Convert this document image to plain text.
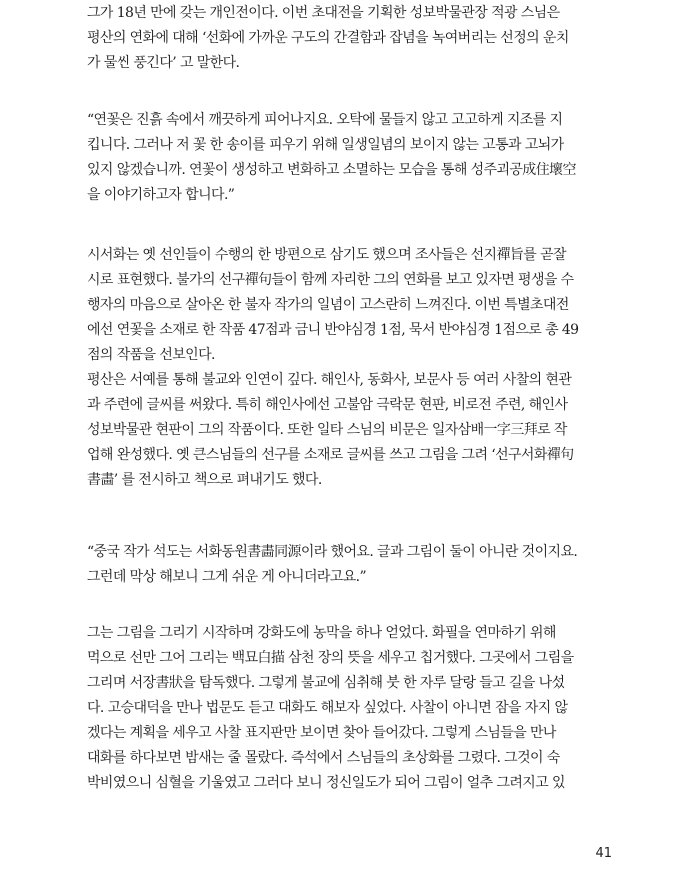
그가 18년 만에 갖는 개인전이다. 이번 초대전을 기획한 성보박물관장 적광 스님은
평산의 연화에 대해 ‘선화에 가까운 구도의 간결함과 잡념을 녹여버리는 선정의 운치
가 물씬 풍긴다’ 고 말한다.
“연꽃은 진흙 속에서 깨끗하게 피어나지요. 오탁에 물들지 않고 고고하게 지조를 지
킵니다. 그러나 저 꽃 한 송이를 피우기 위해 일생일념의 보이지 않는 고통과 고뇌가
있지 않겠습니까. 연꽃이 생성하고 변화하고 소멸하는 모습을 통해 성주괴공成住壞空
을 이야기하고자 합니다.”
시서화는 옛 선인들이 수행의 한 방편으로 삼기도 했으며 조사들은 선지禪旨를 곧잘
시로 표현했다. 불가의 선구禪句들이 함께 자리한 그의 연화를 보고 있자면 평생을 수
행자의 마음으로 살아온 한 불자 작가의 일념이 고스란히 느껴진다. 이번 특별초대전
에선 연꽃을 소재로 한 작품 47점과 금니 반야심경 1점, 묵서 반야심경 1점으로 총 49
점의 작품을 선보인다.
평산은 서예를 통해 불교와 인연이 깊다. 해인사, 동화사, 보문사 등 여러 사찰의 현관
과 주련에 글씨를 써왔다. 특히 해인사에선 고불암 극락문 현판, 비로전 주련, 해인사
성보박물관 현판이 그의 작품이다. 또한 일타 스님의 비문은 일자삼배一字三拜로 작
업해 완성했다. 옛 큰스님들의 선구를 소재로 글씨를 쓰고 그림을 그려 ‘선구서화禪句
書畵’ 를 전시하고 책으로 펴내기도 했다.
“중국 작가 석도는 서화동원書畵同源이라 했어요. 글과 그림이 둘이 아니란 것이지요.
그런데 막상 해보니 그게 쉬운 게 아니더라고요.”
그는 그림을 그리기 시작하며 강화도에 농막을 하나 얻었다. 화필을 연마하기 위해
먹으로 선만 그어 그리는 백묘白描 삼천 장의 뜻을 세우고 칩거했다. 그곳에서 그림을
그리며 서장書狀을 탐독했다. 그렇게 불교에 심취해 붓 한 자루 달랑 들고 길을 나섰
다. 고승대덕을 만나 법문도 듣고 대화도 해보자 싶었다. 사찰이 아니면 잠을 자지 않
겠다는 계획을 세우고 사찰 표지판만 보이면 찾아 들어갔다. 그렇게 스님들을 만나
대화를 하다보면 밤새는 줄 몰랐다. 즉석에서 스님들의 초상화를 그렸다. 그것이 숙
박비였으니 심혈을 기울였고 그러다 보니 정신일도가 되어 그림이 얼추 그려지고 있
41
